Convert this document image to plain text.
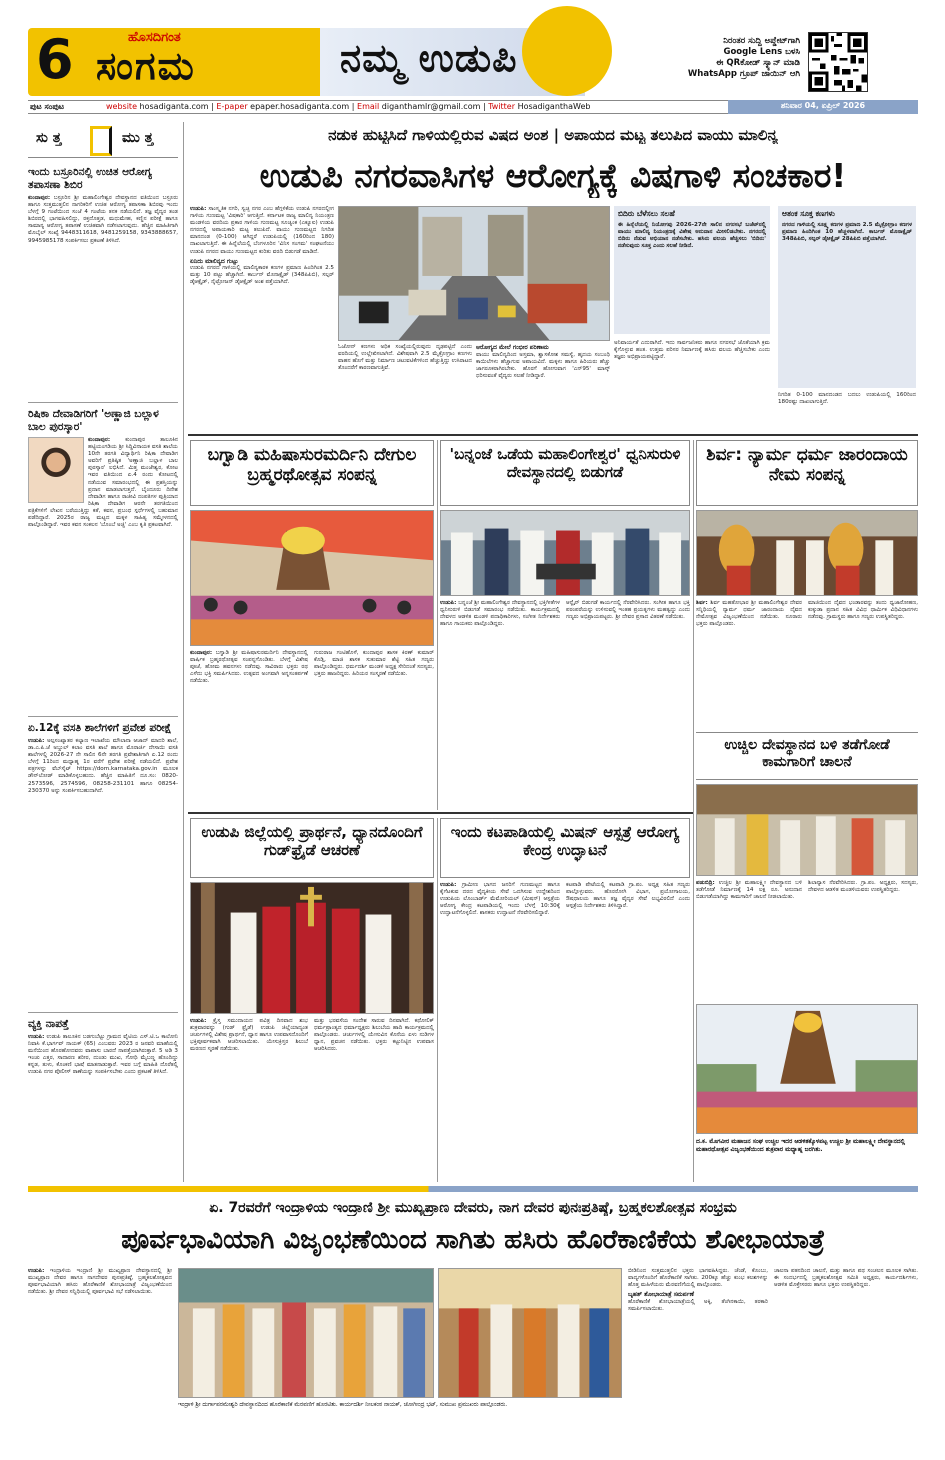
6	ಹೊಸದಿಗಂತ
ಸಂಗಮ	ನಮ್ಮ ಉಡುಪಿ	ನಿರಂತರ ಸುದ್ದಿ ಅಪ್ಡೇಟ್‌ಗಾಗಿ
Google Lens ಬಳಸಿ
ಈ QRಕೋಡ್ ಸ್ಕ್ಯಾನ್ ಮಾಡಿ
WhatsApp ಗ್ರೂಪ್ ಜಾಯಿನ್ ಆಗಿ
ಪುಟ ಸಂಪುಟ	website hosadiganta.com | E-paper epaper.hosadiganta.com | Email diganthamlr@gmail.com | Twitter HosadiganthaWeb	ಶನಿವಾರ 04, ಏಪ್ರಿಲ್ 2026
ಸು ತ್ತ	ಮು ತ್ತ
ಇಂದು ಬಸ್ರೂರಿನಲ್ಲಿ ಉಚಿತ ಆರೋಗ್ಯ ತಪಾಸಣಾ ಶಿಬಿರ
ಕುಂದಾಪುರ: ಬಸ್ರೂರಿನ ಶ್ರೀ ಮಹಾಲಿಂಗೇಶ್ವರ ದೇವಸ್ಥಾನದ ವತಿಯಿಂದ ಬಸ್ರೂರು ಹಾಗೂ ಸುತ್ತಮುತ್ತಲಿನ ನಾಗರಿಕರಿಗೆ ಉಚಿತ ಆರೋಗ್ಯ ತಪಾಸಣಾ ಶಿಬಿರವು ಇಂದು ಬೆಳಗ್ಗೆ 9 ಗಂಟೆಯಿಂದ ಸಂಜೆ 4 ಗಂಟೆಯ ತನಕ ನಡೆಯಲಿದೆ. ತಜ್ಞ ವೈದ್ಯರ ತಂಡ ಶಿಬಿರದಲ್ಲಿ ಭಾಗವಹಿಸಲಿದ್ದು, ರಕ್ತದೊತ್ತಡ, ಮಧುಮೇಹ, ಕಣ್ಣಿನ ಪರೀಕ್ಷೆ ಹಾಗೂ ಸಾಮಾನ್ಯ ಆರೋಗ್ಯ ತಪಾಸಣೆ ಉಚಿತವಾಗಿ ನಡೆಸಲಾಗುವುದು. ಹೆಚ್ಚಿನ ಮಾಹಿತಿಗಾಗಿ ಮೊಬೈಲ್ ಸಂಖ್ಯೆ 9448311618, 9481259158, 9343888657, 9945985178 ಸಂಪರ್ಕಿಸಲು ಪ್ರಕಟಣೆ ತಿಳಿಸಿದೆ.
ರಿಷಿಕಾ ದೇವಾಡಿಗರಿಗೆ 'ಅಣ್ಣಾಜಿ ಬಲ್ಲಾಳ ಬಾಲ ಪುರಸ್ಕಾರ'
ಕುಂದಾಪುರ:	ಕುಂದಾಪುರ ತಾಲೂಕಿನ ಹಟ್ಟಿಯಂಗಡಿಯ ಶ್ರೀ ಸಿದ್ಧಿವಿನಾಯಕ ವಸತಿ ಶಾಲೆಯ 10ನೇ ತರಗತಿ ವಿದ್ಯಾರ್ಥಿನಿ ರಿಷಿಕಾ ದೇವಾಡಿಗ ಅವರಿಗೆ ಪ್ರತಿಷ್ಠಿತ 'ಅಣ್ಣಾಜಿ ಬಲ್ಲಾಳ ಬಾಲ ಪುರಸ್ಕಾರ' ಲಭಿಸಿದೆ. ಮಿತ್ತ ಮಂಜೇಶ್ವರ, ಕೋಟ ಇವರ ವತಿಯಿಂದ ಏ.4 ರಂದು ಕೋಟದಲ್ಲಿ ನಡೆಯುವ ಸಮಾರಂಭದಲ್ಲಿ ಈ ಪ್ರಶಸ್ತಿಯನ್ನು ಪ್ರದಾನ ಮಾಡಲಾಗುತ್ತದೆ. ಬೈಂದೂರು ದಿನೇಶ ದೇವಾಡಿಗ ಹಾಗೂ ರಾಜೀವಿ ದಂಪತಿಗಳ ಪುತ್ರಿಯಾದ ರಿಷಿಕಾ ದೇವಾಡಿಗ ಆರನೇ ತರಗತಿಯಿಂದ ಪತ್ರಿಕೆಗಳಿಗೆ ಲೇಖನ ಬರೆಯುತ್ತಿದ್ದು ಕತೆ, ಕವನ, ಪ್ರಬಂಧ ಸ್ಪರ್ಧೆಗಳಲ್ಲಿ ಬಹುಮಾನ ಪಡೆದಿದ್ದಾರೆ. 2025ರ ರಾಜ್ಯ ಮಟ್ಟದ ಮಕ್ಕಳ ಸಾಹಿತ್ಯ ಸಮ್ಮೇಳನದಲ್ಲಿ ಪಾಲ್ಗೊಂಡಿದ್ದಾರೆ. ಇವರ ಕವನ ಸಂಕಲನ 'ಬೊಂಬೆ ಅಜ್ಜಿ' ಎಂಬ ಕೃತಿ ಪ್ರಕಟವಾಗಿದೆ.
ಏ.12ಕ್ಕೆ ವಸತಿ ಶಾಲೆಗಳಿಗೆ ಪ್ರವೇಶ ಪರೀಕ್ಷೆ
ಉಡುಪಿ: ಅಲ್ಪಸಂಖ್ಯಾತರ ಕಲ್ಯಾಣ ಇಲಾಖೆಯ ಮೌಲಾನಾ ಆಜಾದ್ ಮಾದರಿ ಶಾಲೆ, ಡಾ.ಎ.ಪಿ.ಜೆ ಅಬ್ದುಲ್ ಕಲಾಂ ವಸತಿ ಶಾಲೆ ಹಾಗೂ ಮೊರಾರ್ಜಿ ದೇಸಾಯಿ ವಸತಿ ಶಾಲೆಗಳಲ್ಲಿ 2026-27 ನೇ ಸಾಲಿನ 6ನೇ ತರಗತಿ ಪ್ರವೇಶಾತಿಗಾಗಿ ಏ.12 ರಂದು ಬೆಳಗ್ಗೆ 11ರಿಂದ ಮಧ್ಯಾಹ್ನ 1ರ ವರೆಗೆ ಪ್ರವೇಶ ಪರೀಕ್ಷೆ ನಡೆಯಲಿದೆ. ಪ್ರವೇಶ ಪತ್ರಗಳನ್ನು ವೆಬ್‌ಸೈಟ್ https://dom.karnataka.gov.in ಮೂಲಕ ಡೌನ್‌ಲೋಡ್ ಮಾಡಿಕೊಳ್ಳಬಹುದು. ಹೆಚ್ಚಿನ ಮಾಹಿತಿಗೆ ದೂ.ಸಂ: 0820-2573596, 2574596, 08258-231101 ಹಾಗೂ 08254-230370 ಅನ್ನು ಸಂಪರ್ಕಿಸಬಹುದಾಗಿದೆ.
ವ್ಯಕ್ತಿ ನಾಪತ್ತೆ
ಉಡುಪಿ: ಉಡುಪಿ ತಾಲೂಕಿನ ಬಡಗುಬೆಟ್ಟು ಗ್ರಾಮದ ವೈಟಿಯ ಎಸ್.ಟಿ.ಒ ಕಾಲೋನಿ ನಿವಾಸಿ ಕೆ.ಭಾರ್ಗವ್ ನಾಯಕ್ (65) ಎಂಬವರು 2023 ರ ಜನವರಿ ಮಾಹೆಯಲ್ಲಿ ಮನೆಯಿಂದ ಹೊರಹೋದವರು ವಾಪಾಸು ಬಾರದೆ ನಾಪತ್ತೆಯಾಗಿರುತ್ತಾರೆ. 5 ಅಡಿ 3 ಇಂಚು ಎತ್ತರ, ಸಾದಾರಣ ಶರೀರ, ದುಂಡು ಮುಖ, ಗೋಧಿ ಮೈಬಣ್ಣ ಹೊಂದಿದ್ದು ಕನ್ನಡ, ತುಳು, ಕೊಂಕಣಿ ಭಾಷೆ ಮಾತನಾಡುತ್ತಾರೆ. ಇವರ ಬಗ್ಗೆ ಮಾಹಿತಿ ದೊರೆತಲ್ಲಿ ಉಡುಪಿ ನಗರ ಪೊಲೀಸ್ ಠಾಣೆಯನ್ನು ಸಂಪರ್ಕಿಸಬೇಕು ಎಂದು ಪ್ರಕಟಣೆ ತಿಳಿಸಿದೆ.
ನಡುಕ ಹುಟ್ಟಿಸಿದೆ ಗಾಳಿಯಲ್ಲಿರುವ ವಿಷದ ಅಂಶ | ಅಪಾಯದ ಮಟ್ಟ ತಲುಪಿದ ವಾಯು ಮಾಲಿನ್ಯ
ಉಡುಪಿ ನಗರವಾಸಿಗಳ ಆರೋಗ್ಯಕ್ಕೆ ವಿಷಗಾಳಿ ಸಂಚಕಾರ!
ಉಡುಪಿ: ಸಾಂಸ್ಕೃತಿಕ ನಗರಿ, ಸ್ವಚ್ಛ ನಗರ ಎಂಬ ಹೆಗ್ಗಳಿಕೆಯ ಉಡುಪಿ ನಗರದಲ್ಲೀಗ ಗಾಳಿಯ ಗುಣಮಟ್ಟ 'ವಿಷಕಾರಿ' ಆಗುತ್ತಿದೆ. ಕರ್ನಾಟಕ ರಾಜ್ಯ ಮಾಲಿನ್ಯ ನಿಯಂತ್ರಣ ಮಂಡಳಿಯ ವರದಿಯ ಪ್ರಕಾರ ಗಾಳಿಯ ಗುಣಮಟ್ಟ ಸೂಚ್ಯಂಕ (ಎಕ್ಯೂಐ) ಉಡುಪಿ ನಗರದಲ್ಲಿ ಅಪಾಯಕಾರಿ ಮಟ್ಟ ತಲುಪಿದೆ. ವಾಯು ಗುಣಮಟ್ಟದ ನಿಗದಿತ ಮಾನದಂಡ (0-100) ಆಗಿದ್ದರೆ ಉಡುಪಿಯಲ್ಲಿ (160ರಿಂದ 180) ದಾಖಲಾಗುತ್ತಿದೆ. ಈ ಹಿನ್ನೆಲೆಯಲ್ಲಿ ಬೆಂಗಳೂರಿನ 'ವಿನಿಸ ಸಂಗಮ' ಸಂಘಟನೆಯು ಉಡುಪಿ ನಗರದ ವಾಯು ಗುಣಮಟ್ಟದ ಕುರಿತು ವರದಿ ಬಿಡುಗಡೆ ಮಾಡಿದೆ.
ಏನಿದು ಮಾಲಿನ್ಯದ ಗುಟ್ಟು
ಉಡುಪಿ ನಗರದ ಗಾಳಿಯಲ್ಲಿ ಮಾಲಿನ್ಯಕಾರಕ ಕಣಗಳ ಪ್ರಮಾಣ ಹಿಂದಿಗಿಂತ 2.5 ಮತ್ತು 10 ಪಟ್ಟು ಹೆಚ್ಚಾಗಿದೆ. ಕಾರ್ಬನ್ ಮೊನಾಕ್ಸೈಡ್ (348ಪಿಪಿಬಿ), ಸಲ್ಫರ್ ಡೈಆಕ್ಸೈಡ್, ನೈಟ್ರೋಜನ್ ಡೈಆಕ್ಸೈಡ್ ಅಂಶ ಪತ್ತೆಯಾಗಿದೆ.
ಓಜೋನ್ ಕಣಗಳು ಅಧಿಕ ಸಂಖ್ಯೆಯಲ್ಲಿರುವುದು ದೃಢಪಟ್ಟಿದೆ ಎಂದು ವರದಿಯಲ್ಲಿ ಉಲ್ಲೇಖಿಸಲಾಗಿದೆ. ವಿಶೇಷವಾಗಿ 2.5 ಮೈಕ್ರೋಗ್ರಾಂ ಕಣಗಳು ವಾಹನ ಹೊಗೆ ಮತ್ತು ನಿರ್ಮಾಣ ಚಟುವಟಿಕೆಗಳಿಂದ ಹೆಚ್ಚುತ್ತಿದ್ದು ಉಸಿರಾಟದ ತೊಂದರೆಗೆ ಕಾರಣವಾಗುತ್ತಿವೆ.
ಆರೋಗ್ಯದ ಮೇಲೆ ಗಂಭೀರ ಪರಿಣಾಮ
ವಾಯು ಮಾಲಿನ್ಯದಿಂದ ಅಸ್ತಮಾ, ಶ್ವಾಸಕೋಶ ಸಮಸ್ಯೆ, ಹೃದಯ ಸಂಬಂಧಿ ಕಾಯಿಲೆಗಳು ಹೆಚ್ಚಾಗುವ ಅಪಾಯವಿದೆ. ಮಕ್ಕಳು ಹಾಗೂ ಹಿರಿಯರು ಹೆಚ್ಚು ಜಾಗರೂಕರಾಗಿರಬೇಕು. ಹೊರಗೆ ಹೋಗುವಾಗ 'ಎನ್95' ಮಾಸ್ಕ್ ಧರಿಸುವಂತೆ ವೈದ್ಯರು ಸಲಹೆ ನೀಡಿದ್ದಾರೆ.
ಬಿದಿರು ಬೆಳೆಸಲು ಸಲಹೆ
ಈ ಹಿನ್ನೆಲೆಯಲ್ಲಿ ನಿಯೋಗವು 2026-27ನೇ ಸಾಲಿನ ನಗರಸಭೆ ಬಜೆಟ್‌ನಲ್ಲಿ ವಾಯು ಮಾಲಿನ್ಯ ನಿಯಂತ್ರಣಕ್ಕೆ ವಿಶೇಷ ಅನುದಾನ ಮೀಸಲಿಡಬೇಕು. ನಗರದಲ್ಲಿ ಬಿದಿರು ನೆಡುವ ಅಭಿಯಾನ ನಡೆಸಬೇಕು. ಹಸಿರು ವಲಯ ಹೆಚ್ಚಿಸಲು 'ಬಿದಿರು' ನಡೆಸುವುದು ಸೂಕ್ತ ಎಂದು ಸಲಹೆ ನೀಡಿದೆ.
ಆತಂಕ ಸೂಕ್ತ ಕಣಗಳು
ನಗರದ ಗಾಳಿಯಲ್ಲಿ ಸೂಕ್ಷ್ಮ ಕಣಗಳ ಪ್ರಮಾಣ 2.5 ಮೈಕ್ರೋಗ್ರಾಂ ಕಣಗಳ ಪ್ರಮಾಣ ಹಿಂದಿಗಿಂತ 10 ಹೆಚ್ಚಳವಾಗಿದೆ. ಕಾರ್ಬನ್ ಮೊನಾಕ್ಸೈಡ್ 348ಪಿಪಿಬಿ, ಸಲ್ಫರ್ ಡೈಆಕ್ಸೈಡ್ 28ಪಿಪಿಬಿ ಪತ್ತೆಯಾಗಿದೆ.
ಅನಿವಾರ್ಯತೆ ಎದುರಾಗಿದೆ. ಇದು ಸಾರ್ವಜನಿಕರು ಹಾಗೂ ನಗರಸಭೆ ಜೊತೆಯಾಗಿ ಕ್ರಮ ಕೈಗೊಳ್ಳುವ ಹಂತ. ಉತ್ತಮ ಪರಿಸರ ನಿರ್ಮಾಣಕ್ಕೆ ಹಸಿರು ವಲಯ ಹೆಚ್ಚಿಸಬೇಕು ಎಂದು ತಜ್ಞರು ಅಭಿಪ್ರಾಯಪಟ್ಟಿದ್ದಾರೆ.
ನಿಗದಿತ 0-100 ಮಾನದಂಡದ ಬದಲು ಉಡುಪಿಯಲ್ಲಿ 160ರಿಂದ 180ರಷ್ಟು ದಾಖಲಾಗುತ್ತಿದೆ.
ಬಗ್ವಾಡಿ ಮಹಿಷಾಸುರಮರ್ದಿನಿ ದೇಗುಲ ಬ್ರಹ್ಮರಥೋತ್ಸವ ಸಂಪನ್ನ
'ಬನ್ನಂಜೆ ಒಡೆಯ ಮಹಾಲಿಂಗೇಶ್ವರ' ಧ್ವನಿಸುರುಳಿ ದೇವಸ್ಥಾನದಲ್ಲಿ ಬಿಡುಗಡೆ
ಶಿರ್ವ: ನ್ಯಾರ್ಮ ಧರ್ಮ ಜಾರಂದಾಯ ನೇಮ ಸಂಪನ್ನ
ಕುಂದಾಪುರ: ಬಗ್ವಾಡಿ ಶ್ರೀ ಮಹಿಷಾಸುರಮರ್ದಿನಿ ದೇವಸ್ಥಾನದಲ್ಲಿ ವಾರ್ಷಿಕ ಬ್ರಹ್ಮರಥೋತ್ಸವ ಸಂಪನ್ನಗೊಂಡಿತು. ಬೆಳಗ್ಗೆ ವಿಶೇಷ ಪೂಜೆ, ಹೋಮ ಹವನಗಳು ನಡೆದವು. ಸಾವಿರಾರು ಭಕ್ತರು ರಥ ಎಳೆದು ಭಕ್ತಿ ಸಮರ್ಪಿಸಿದರು. ಉತ್ಸವದ ಅಂಗವಾಗಿ ಅನ್ನಸಂತರ್ಪಣೆ ನಡೆಯಿತು.
ಗುರುರಾಜ ಗಂಟಿಹೊಳೆ, ಕುಂದಾಪುರ ಶಾಸಕ ಕಿರಣ್ ಕುಮಾರ್ ಕೊಡ್ಗಿ, ಮಾಜಿ ಶಾಸಕ ಸುಕುಮಾರ ಶೆಟ್ಟಿ ಸಹಿತ ಗಣ್ಯರು ಪಾಲ್ಗೊಂಡಿದ್ದರು. ಧರ್ಮದರ್ಶಿ ಮಂಡಳಿ ಅಧ್ಯಕ್ಷ ಸೇರಿದಂತೆ ಸದಸ್ಯರು, ಭಕ್ತರು ಹಾಜರಿದ್ದರು. ಹಿರಿಯರ ಸಂಸ್ಮರಣೆ ನಡೆಯಿತು.
ಉಡುಪಿ: ಬನ್ನಂಜೆ ಶ್ರೀ ಮಹಾಲಿಂಗೇಶ್ವರ ದೇವಸ್ಥಾನದಲ್ಲಿ ಭಕ್ತಿಗೀತೆಗಳ ಧ್ವನಿಸುರುಳಿ ಬಿಡುಗಡೆ ಸಮಾರಂಭ ನಡೆಯಿತು. ಕಾರ್ಯಕ್ರಮದಲ್ಲಿ ದೇವಳದ ಆಡಳಿತ ಮಂಡಳಿ ಪದಾಧಿಕಾರಿಗಳು, ಸಂಗೀತ ನಿರ್ದೇಶಕರು ಹಾಗೂ ಗಾಯಕರು ಪಾಲ್ಗೊಂಡಿದ್ದರು.
ಆನ್ಲೈನ್ ಬಿಡುಗಡೆ ಕಾರ್ಯದಲ್ಲಿ ನೆರವೇರಿಸಿದರು. ಸಂಗೀತ ಹಾಗೂ ಭಕ್ತಿ ಪರಂಪರೆಯನ್ನು ಉಳಿಸುವಲ್ಲಿ ಇಂತಹ ಪ್ರಯತ್ನಗಳು ಮಹತ್ವದ್ದು ಎಂದು ಗಣ್ಯರು ಅಭಿಪ್ರಾಯಪಟ್ಟರು. ಶ್ರೀ ದೇವರ ಪ್ರಸಾದ ವಿತರಣೆ ನಡೆಯಿತು.
ಶಿರ್ವ: ಶಿರ್ವ ಮಹತೋಭಾರ ಶ್ರೀ ಮಹಾಲಿಂಗೇಶ್ವರ ದೇವರ ಸನ್ನಿಧಿಯಲ್ಲಿ ನ್ಯಾರ್ಮ ಧರ್ಮ ಜಾರಂದಾಯ ದೈವದ ನೇಮೋತ್ಸವ ವಿಜೃಂಭಣೆಯಿಂದ ನಡೆಯಿತು. ನೂರಾರು ಭಕ್ತರು ಪಾಲ್ಗೊಂಡರು.
ಮಾಜಿಯಿಂದ ದೈವದ ಭಂಡಾರವನ್ನು ತಂದು ಧ್ವಜಾರೋಹಣ, ಕುಕ್ಕುಡಾ ಪ್ರದಾನ ಸಹಿತ ವಿವಿಧ ಧಾರ್ಮಿಕ ವಿಧಿವಿಧಾನಗಳು ನಡೆದವು. ಗ್ರಾಮಸ್ಥರು ಹಾಗೂ ಗಣ್ಯರು ಉಪಸ್ಥಿತರಿದ್ದರು.
ಉಚ್ಚಿಲ ದೇವಸ್ಥಾನದ ಬಳಿ ತಡೆಗೋಡೆ ಕಾಮಗಾರಿಗೆ ಚಾಲನೆ
ಪಡುಬಿದ್ರಿ: ಉಚ್ಚಿಲ ಶ್ರೀ ಮಹಾಲಕ್ಷ್ಮೀ ದೇವಸ್ಥಾನದ ಬಳಿ ತಡೆಗೋಡೆ ನಿರ್ಮಾಣಕ್ಕೆ 14 ಲಕ್ಷ ರೂ. ಅನುದಾನ ಬಿಡುಗಡೆಯಾಗಿದ್ದು ಕಾಮಗಾರಿಗೆ ಚಾಲನೆ ನೀಡಲಾಯಿತು.
ಶಿಲಾನ್ಯಾಸ ನೆರವೇರಿಸಿದರು. ಗ್ರಾ.ಪಂ. ಅಧ್ಯಕ್ಷರು, ಸದಸ್ಯರು, ದೇವಳದ ಆಡಳಿತ ಮಂಡಳಿಯವರು ಉಪಸ್ಥಿತರಿದ್ದರು.
ದ.ಕ. ಮೊಗವೀರ ಮಹಾಜನ ಸಂಘ ಉಚ್ಚಿಲ ಇದರ ಆಡಳಿತಕ್ಕೊಳಪಟ್ಟ ಉಚ್ಚಿಲ ಶ್ರೀ ಮಹಾಲಕ್ಷ್ಮೀ ದೇವಸ್ಥಾನದಲ್ಲಿ ಮಹಾರಥೋತ್ಸವ ವಿಜೃಂಭಣೆಯಿಂದ ಶುಕ್ರವಾರ ಮಧ್ಯಾಹ್ನ ಜರಗಿತು.
ಉಡುಪಿ ಜಿಲ್ಲೆಯಲ್ಲಿ ಪ್ರಾರ್ಥನೆ, ಧ್ಯಾನದೊಂದಿಗೆ ಗುಡ್‌ಫ್ರೈಡೆ ಆಚರಣೆ
ಇಂದು ಕಟಪಾಡಿಯಲ್ಲಿ ಮಿಷನ್ ಆಸ್ಪತ್ರೆ ಆರೋಗ್ಯ ಕೇಂದ್ರ ಉದ್ಘಾಟನೆ
ಉಡುಪಿ: ಕ್ರೈಸ್ತ ಸಮುದಾಯದ ಪವಿತ್ರ ದಿನವಾದ ಶುಭ ಶುಕ್ರವಾರವನ್ನು (ಗುಡ್ ಫ್ರೈಡೆ) ಉಡುಪಿ ಜಿಲ್ಲೆಯಾದ್ಯಂತ ಚರ್ಚುಗಳಲ್ಲಿ ವಿಶೇಷ ಪ್ರಾರ್ಥನೆ, ಧ್ಯಾನ ಹಾಗೂ ಉಪವಾಸದೊಂದಿಗೆ ಭಕ್ತಿಪೂರ್ವಕವಾಗಿ ಆಚರಿಸಲಾಯಿತು. ಯೇಸುಕ್ರಿಸ್ತರ ಶಿಲುಬೆ ಮರಣದ ಸ್ಮರಣೆ ನಡೆಯಿತು.
ಮತ್ತು ಭರವಸೆಯ ಸಂದೇಶ ಸಾರುವ ದಿನವಾಗಿದೆ. ಕಥೋಲಿಕ್ ಧರ್ಮಪ್ರಾಂತ್ಯದ ಧರ್ಮಾಧ್ಯಕ್ಷರು ಶಿಲುಬೆಯ ಹಾದಿ ಕಾರ್ಯಕ್ರಮದಲ್ಲಿ ಪಾಲ್ಗೊಂಡರು. ಚರ್ಚುಗಳಲ್ಲಿ ಯೇಸುವಿನ ಕೊನೆಯ ಏಳು ನುಡಿಗಳ ಧ್ಯಾನ, ಪ್ರವಚನ ನಡೆಯಿತು. ಭಕ್ತರು ಕಟ್ಟುನಿಟ್ಟಿನ ಉಪವಾಸ ಆಚರಿಸಿದರು.
ಉಡುಪಿ: ಗ್ರಾಮೀಣ ಭಾಗದ ಜನರಿಗೆ ಗುಣಮಟ್ಟದ ಹಾಗೂ ಕೈಗೆಟಕುವ ದರದ ವೈದ್ಯಕೀಯ ಸೇವೆ ಒದಗಿಸುವ ಉದ್ದೇಶದಿಂದ ಉಡುಪಿಯ ಲೊಂಬಾರ್ಡ್ ಮೆಮೋರಿಯಲ್ (ಮಿಷನ್) ಆಸ್ಪತ್ರೆಯ ಆರೋಗ್ಯ ಕೇಂದ್ರ ಕಟಪಾಡಿಯಲ್ಲಿ ಇಂದು ಬೆಳಗ್ಗೆ 10:30ಕ್ಕೆ ಉದ್ಘಾಟನೆಗೊಳ್ಳಲಿದೆ. ಶಾಸಕರು ಉದ್ಘಾಟನೆ ನೆರವೇರಿಸಲಿದ್ದಾರೆ.
ಕಟಪಾಡಿ ಪೇಟೆಯಲ್ಲಿ ಕಟಪಾಡಿ ಗ್ರಾ.ಪಂ. ಅಧ್ಯಕ್ಷ ಸಹಿತ ಗಣ್ಯರು ಪಾಲ್ಗೊಳ್ಳುವರು. ಹೊರರೋಗಿ ವಿಭಾಗ, ಪ್ರಯೋಗಾಲಯ, ಔಷಧಾಲಯ ಹಾಗೂ ತಜ್ಞ ವೈದ್ಯರ ಸೇವೆ ಲಭ್ಯವಿರಲಿದೆ ಎಂದು ಆಸ್ಪತ್ರೆಯ ನಿರ್ದೇಶಕರು ತಿಳಿಸಿದ್ದಾರೆ.
ಏ. 7ರವರೆಗೆ ಇಂದ್ರಾಳಿಯ ಇಂದ್ರಾಣಿ ಶ್ರೀ ಮುಖ್ಯಪ್ರಾಣ ದೇವರು, ನಾಗ ದೇವರ ಪುನಃಪ್ರತಿಷ್ಠೆ, ಬ್ರಹ್ಮಕಲಶೋತ್ಸವ ಸಂಭ್ರಮ
ಪೂರ್ವಭಾವಿಯಾಗಿ ವಿಜೃಂಭಣೆಯಿಂದ ಸಾಗಿತು ಹಸಿರು ಹೊರೆಕಾಣಿಕೆಯ ಶೋಭಾಯಾತ್ರೆ
ಉಡುಪಿ: ಇಂದ್ರಾಳಿಯ ಇಂದ್ರಾಣಿ ಶ್ರೀ ಮುಖ್ಯಪ್ರಾಣ ದೇವಸ್ಥಾನದಲ್ಲಿ ಶ್ರೀ ಮುಖ್ಯಪ್ರಾಣ ದೇವರ ಹಾಗೂ ನಾಗದೇವರ ಪುನಃಪ್ರತಿಷ್ಠೆ, ಬ್ರಹ್ಮಕಲಶೋತ್ಸವದ ಪೂರ್ವಭಾವಿಯಾಗಿ ಹಸಿರು ಹೊರೆಕಾಣಿಕೆ ಶೋಭಾಯಾತ್ರೆ ವಿಜೃಂಭಣೆಯಿಂದ ನಡೆಯಿತು. ಶ್ರೀ ದೇವರ ಸನ್ನಿಧಿಯಲ್ಲಿ ಪೂರ್ವಭಾವಿ ಸಭೆ ನಡೆಸಲಾಯಿತು.
ಇಂದ್ರಾಳಿ ಶ್ರೀ ದುರ್ಗಾಪರಮೇಶ್ವರಿ ದೇವಸ್ಥಾನದಿಂದ ಹೊರೆಕಾಣಿಕೆ ಮೆರವಣಿಗೆ ಹೊರಟಿತು. ಕಾರ್ಯದರ್ಶಿ ನೀಲಕಂಠ ನಾಯಕ್, ಜೋಗೀಂದ್ರ ಭಟ್, ಸುಮುಖ ಪ್ರಮುಖರು ಪಾಲ್ಗೊಂಡರು.
ಬೀಡಿನಿಂದ ಸುತ್ತಮುತ್ತಲಿನ ಭಕ್ತರು ಭಾಗವಹಿಸಿದ್ದರು. ಚೆಂಡೆ, ಕೊಂಬು, ವಾದ್ಯಗಳೊಂದಿಗೆ ಹೊರೆಕಾಣಿಕೆ ಸಾಗಿತು. 200ಕ್ಕೂ ಹೆಚ್ಚು ಕುಂಭ ಕಲಶಗಳನ್ನು ಹೊತ್ತ ಮಹಿಳೆಯರು ಮೆರವಣಿಗೆಯಲ್ಲಿ ಪಾಲ್ಗೊಂಡರು.
ಬೃಹತ್ ಶೋಭಾಯಾತ್ರೆ ಸಮರ್ಪಣೆ
ಹೊರೆಕಾಣಿಕೆ ಶೋಭಾಯಾತ್ರೆಯಲ್ಲಿ ಅಕ್ಕಿ, ತೆಂಗಿನಕಾಯಿ, ತರಕಾರಿ ಸಮರ್ಪಿಸಲಾಯಿತು.
ಚಾಲನಾ ಪತನದಿಂದ ಚಾಲನೆ, ಮತ್ತು ಹಾಗೂ ಪಥ ಸಂಚಲನ ಮೂಲಕ ಸಾಗಿತು. ಈ ಸಂದರ್ಭದಲ್ಲಿ ಬ್ರಹ್ಮಕಲಶೋತ್ಸವ ಸಮಿತಿ ಅಧ್ಯಕ್ಷರು, ಕಾರ್ಯದರ್ಶಿಗಳು, ಆಡಳಿತ ಮೊಕ್ತೇಸರರು ಹಾಗೂ ಭಕ್ತರು ಉಪಸ್ಥಿತರಿದ್ದರು.
